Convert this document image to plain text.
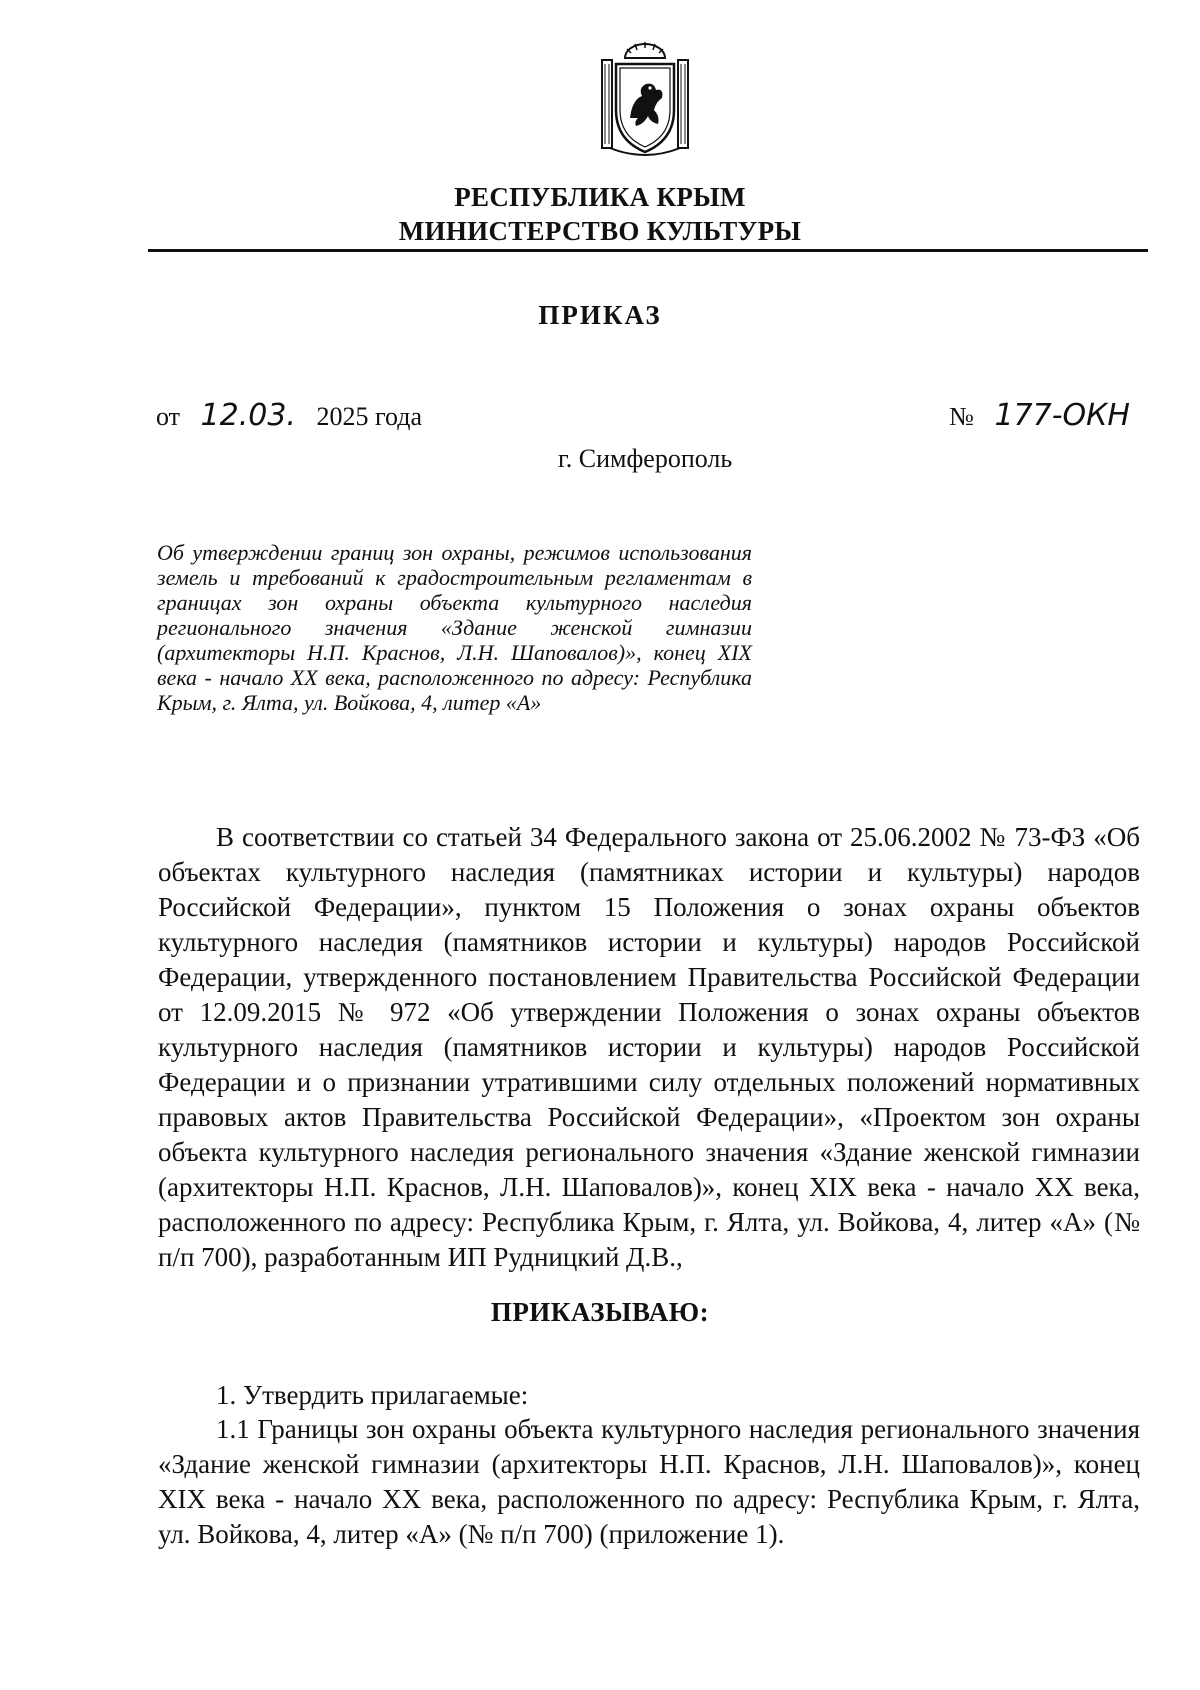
РЕСПУБЛИКА КРЫМ
МИНИСТЕРСТВО КУЛЬТУРЫ
ПРИКАЗ
от 12.03. 2025 года	№ 177-ОКН
г. Симферополь
Об утверждении границ зон охраны, режимов использования земель и требований к градостроительным регламентам в границах зон охраны объекта культурного наследия регионального значения «Здание женской гимназии (архитекторы Н.П. Краснов, Л.Н. Шаповалов)», конец XIX века - начало XX века, расположенного по адресу: Республика Крым, г. Ялта, ул. Войкова, 4, литер «А»

В соответствии со статьей 34 Федерального закона от 25.06.2002 № 73-ФЗ «Об объектах культурного наследия (памятниках истории и культуры) народов Российской Федерации», пунктом 15 Положения о зонах охраны объектов культурного наследия (памятников истории и культуры) народов Российской Федерации, утвержденного постановлением Правительства Российской Федерации от 12.09.2015 № 972 «Об утверждении Положения о зонах охраны объектов культурного наследия (памятников истории и культуры) народов Российской Федерации и о признании утратившими силу отдельных положений нормативных правовых актов Правительства Российской Федерации», «Проектом зон охраны объекта культурного наследия регионального значения «Здание женской гимназии (архитекторы Н.П. Краснов, Л.Н. Шаповалов)», конец XIX века - начало XX века, расположенного по адресу: Республика Крым, г. Ялта, ул. Войкова, 4, литер «А» (№ п/п 700), разработанным ИП Рудницкий Д.В.,

ПРИКАЗЫВАЮ:
1. Утвердить прилагаемые:

1.1 Границы зон охраны объекта культурного наследия регионального значения «Здание женской гимназии (архитекторы Н.П. Краснов, Л.Н. Шаповалов)», конец XIX века - начало XX века, расположенного по адресу: Республика Крым, г. Ялта, ул. Войкова, 4, литер «А» (№ п/п 700) (приложение 1).
